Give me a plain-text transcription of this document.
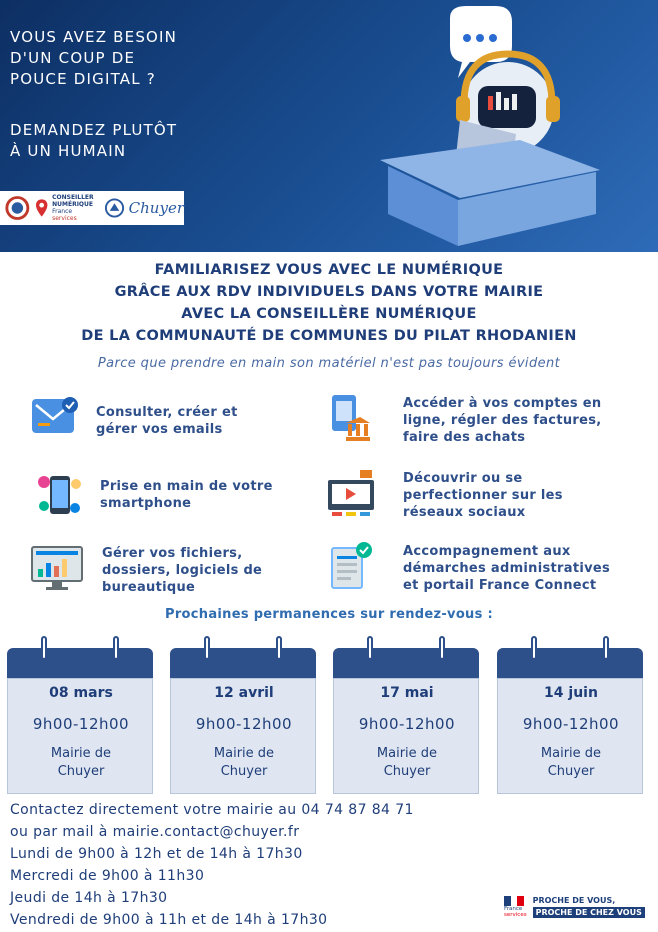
VOUS AVEZ BESOIN
D'UN COUP DE
POUCE DIGITAL ?
DEMANDEZ PLUTÔT
À UN HUMAIN
CONSEILLER
NUMÉRIQUE
France
services
Chuyer
FAMILIARISEZ VOUS AVEC LE NUMÉRIQUE
GRÂCE AUX RDV INDIVIDUELS DANS VOTRE MAIRIE
AVEC LA CONSEILLÈRE NUMÉRIQUE
DE LA COMMUNAUTÉ DE COMMUNES DU PILAT RHODANIEN
Parce que prendre en main son matériel n'est pas toujours évident
Consulter, créer et
gérer vos emails
Accéder à vos comptes en
ligne, régler des factures,
faire des achats
Prise en main de votre
smartphone
Découvrir ou se
perfectionner sur les
réseaux sociaux
Gérer vos fichiers,
dossiers, logiciels de
bureautique
Accompagnement aux
démarches administratives
et portail France Connect
Prochaines permanences sur rendez-vous :
08 mars
9h00-12h00
Mairie de
Chuyer
12 avril
9h00-12h00
Mairie de
Chuyer
17 mai
9h00-12h00
Mairie de
Chuyer
14 juin
9h00-12h00
Mairie de
Chuyer
Contactez directement votre mairie au 04 74 87 84 71
ou par mail à mairie.contact@chuyer.fr
Lundi de 9h00 à 12h et de 14h à 17h30
Mercredi de 9h00 à 11h30
Jeudi de 14h à 17h30
Vendredi de 9h00 à 11h et de 14h à 17h30
France
services
PROCHE DE VOUS,
PROCHE DE CHEZ VOUS
